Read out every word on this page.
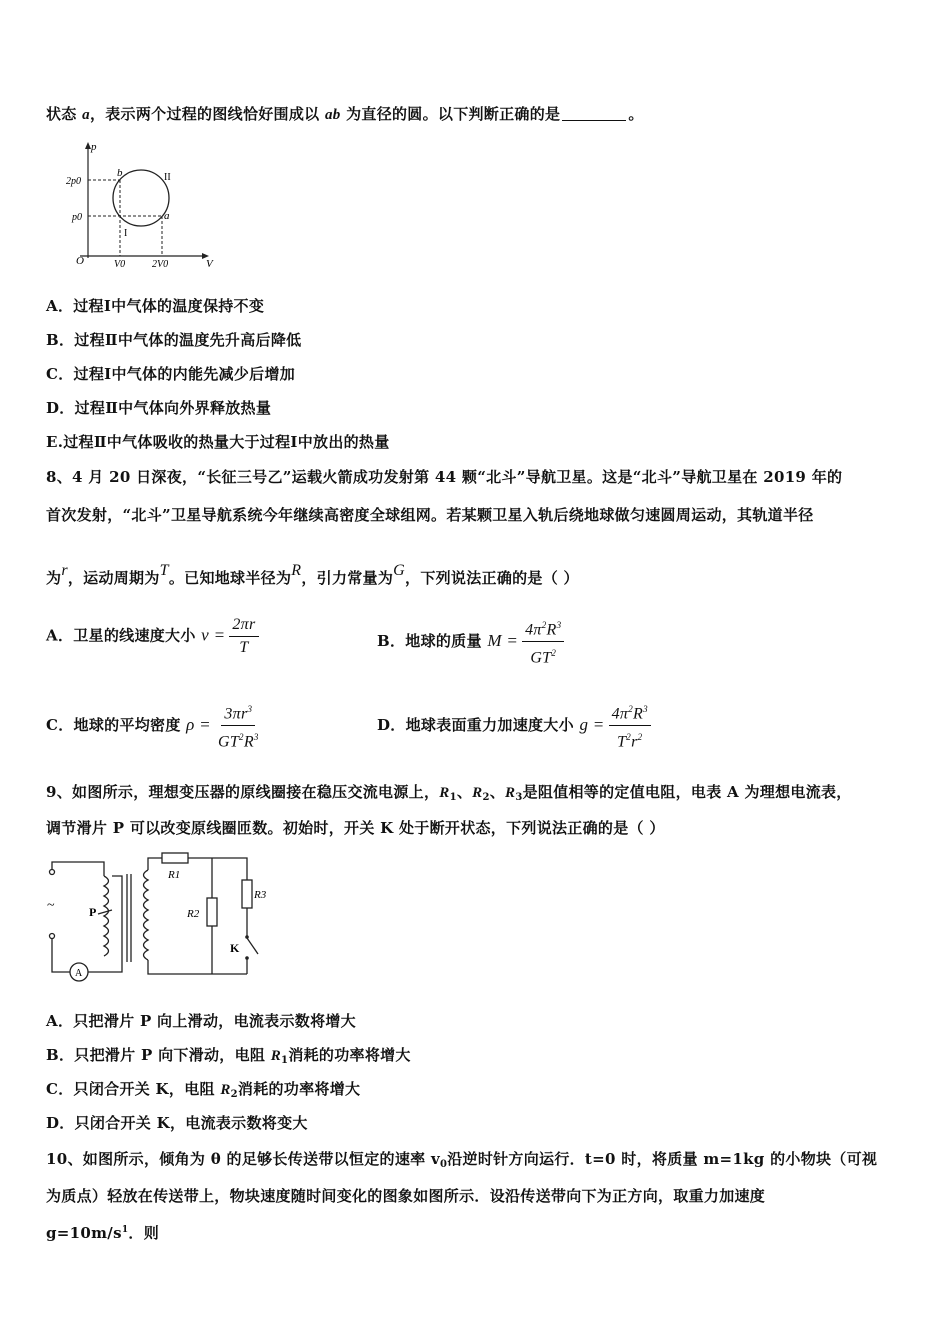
状态 a，表示两个过程的图线恰好围成以 ab 为直径的圆。以下判断正确的是	。
p
V
O
2p0
p0
V0	2V0
a
b
I
II
A．过程Ⅰ中气体的温度保持不变
B．过程Ⅱ中气体的温度先升高后降低
C．过程Ⅰ中气体的内能先减少后增加
D．过程Ⅱ中气体向外界释放热量
E.过程Ⅱ中气体吸收的热量大于过程Ⅰ中放出的热量
8、4 月 20 日深夜，“长征三号乙”运载火箭成功发射第 44 颗“北斗”导航卫星。这是“北斗”导航卫星在 2019 年的
首次发射，“北斗”卫星导航系统今年继续高密度全球组网。若某颗卫星入轨后绕地球做匀速圆周运动，其轨道半径
为r，运动周期为T。已知地球半径为R，引力常量为G，下列说法正确的是（ ）
A．卫星的线速度大小 $v = \frac{2\pi r}{T}$	B．地球的质量 $M = \frac{4\pi^2R^3}{GT^2}$
C．地球的平均密度 $\rho = \frac{3\pi r^3}{GT^2R^3}$	D．地球表面重力加速度大小 $g = \frac{4\pi^2R^3}{T^2r^2}$
9、如图所示，理想变压器的原线圈接在稳压交流电源上，$R_1$、$R_2$、$R_3$是阻值相等的定值电阻，电表 A 为理想电流表，
调节滑片 P 可以改变原线圈匝数。初始时，开关 K 处于断开状态，下列说法正确的是（ ）
~	P
A
R1
R2
R3
K
A．只把滑片 P 向上滑动，电流表示数将增大
B．只把滑片 P 向下滑动，电阻 $R_1$消耗的功率将增大
C．只闭合开关 K，电阻 $R_2$消耗的功率将增大
D．只闭合开关 K，电流表示数将变大
10、如图所示，倾角为 θ 的足够长传送带以恒定的速率 $v_0$沿逆时针方向运行．t=0 时，将质量 m=1kg 的小物块（可视
为质点）轻放在传送带上，物块速度随时间变化的图象如图所示．设沿传送带向下为正方向，取重力加速度
$g=10m/s^1$．则
